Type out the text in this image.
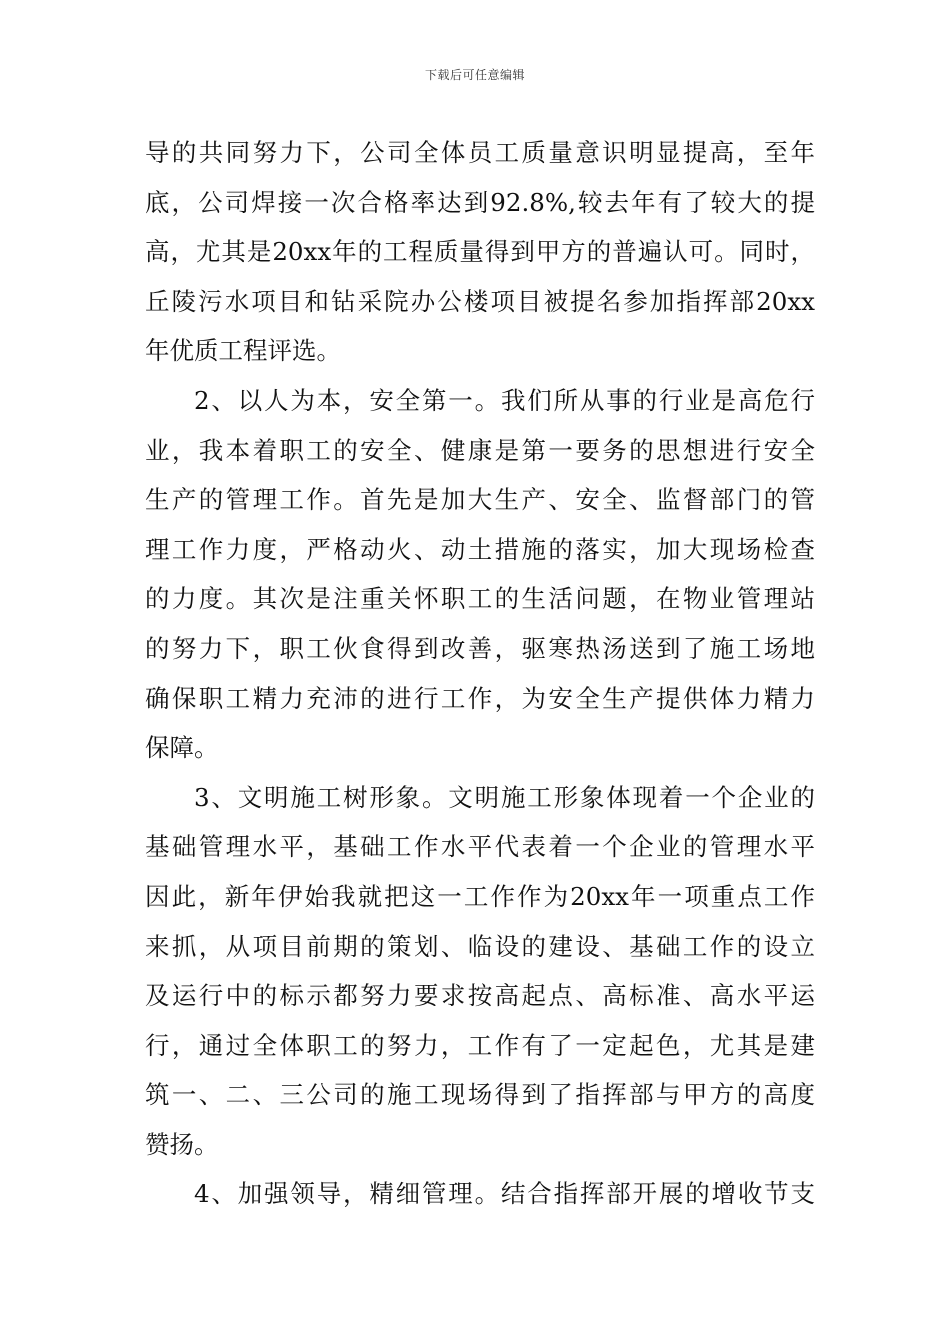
下载后可任意编辑
导的共同努力下，公司全体员工质量意识明显提高，至年
底，公司焊接一次合格率达到92.8%,较去年有了较大的提
高，尤其是20xx年的工程质量得到甲方的普遍认可。同时，
丘陵污水项目和钻采院办公楼项目被提名参加指挥部20xx
年优质工程评选。
2、以人为本，安全第一。我们所从事的行业是高危行
业，我本着职工的安全、健康是第一要务的思想进行安全
生产的管理工作。首先是加大生产、安全、监督部门的管
理工作力度，严格动火、动土措施的落实，加大现场检查
的力度。其次是注重关怀职工的生活问题，在物业管理站
的努力下，职工伙食得到改善，驱寒热汤送到了施工场地
确保职工精力充沛的进行工作，为安全生产提供体力精力
保障。
3、文明施工树形象。文明施工形象体现着一个企业的
基础管理水平，基础工作水平代表着一个企业的管理水平
因此，新年伊始我就把这一工作作为20xx年一项重点工作
来抓，从项目前期的策划、临设的建设、基础工作的设立
及运行中的标示都努力要求按高起点、高标准、高水平运
行，通过全体职工的努力，工作有了一定起色，尤其是建
筑一、二、三公司的施工现场得到了指挥部与甲方的高度
赞扬。
4、加强领导，精细管理。结合指挥部开展的增收节支
